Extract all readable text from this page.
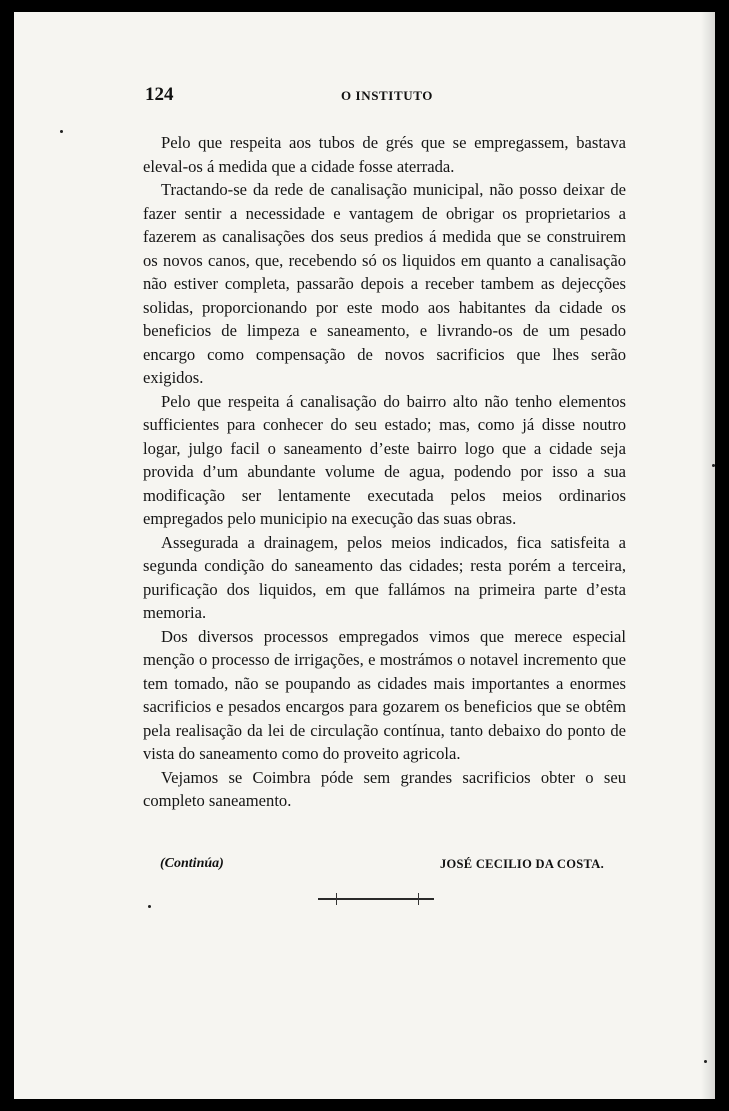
124	O INSTITUTO

Pelo que respeita aos tubos de grés que se empregassem, bastava eleval-os á medida que a cidade fosse aterrada.

Tractando-se da rede de canalisação municipal, não posso deixar de fazer sentir a necessidade e vantagem de obrigar os proprietarios a fazerem as canalisações dos seus predios á medida que se construirem os novos canos, que, recebendo só os liquidos em quanto a canalisação não estiver completa, passarão depois a receber tambem as dejecções solidas, proporcionando por este modo aos habitantes da cidade os beneficios de limpeza e saneamento, e livrando-os de um pesado encargo como compensação de novos sacrificios que lhes serão exigidos.

Pelo que respeita á canalisação do bairro alto não tenho elementos sufficientes para conhecer do seu estado; mas, como já disse noutro logar, julgo facil o saneamento d’este bairro logo que a cidade seja provida d’um abundante volume de agua, podendo por isso a sua modificação ser lentamente executada pelos meios ordinarios empregados pelo municipio na execução das suas obras.

Assegurada a drainagem, pelos meios indicados, fica satisfeita a segunda condição do saneamento das cidades; resta porém a terceira, purificação dos liquidos, em que fallámos na primeira parte d’esta memoria.

Dos diversos processos empregados vimos que merece especial menção o processo de irrigações, e mostrámos o notavel incremento que tem tomado, não se poupando as cidades mais importantes a enormes sacrificios e pesados encargos para gozarem os beneficios que se obtêm pela realisação da lei de circulação contínua, tanto debaixo do ponto de vista do saneamento como do proveito agricola.

Vejamos se Coimbra póde sem grandes sacrificios obter o seu completo saneamento.

(Continúa)	JOSÉ CECILIO DA COSTA.
